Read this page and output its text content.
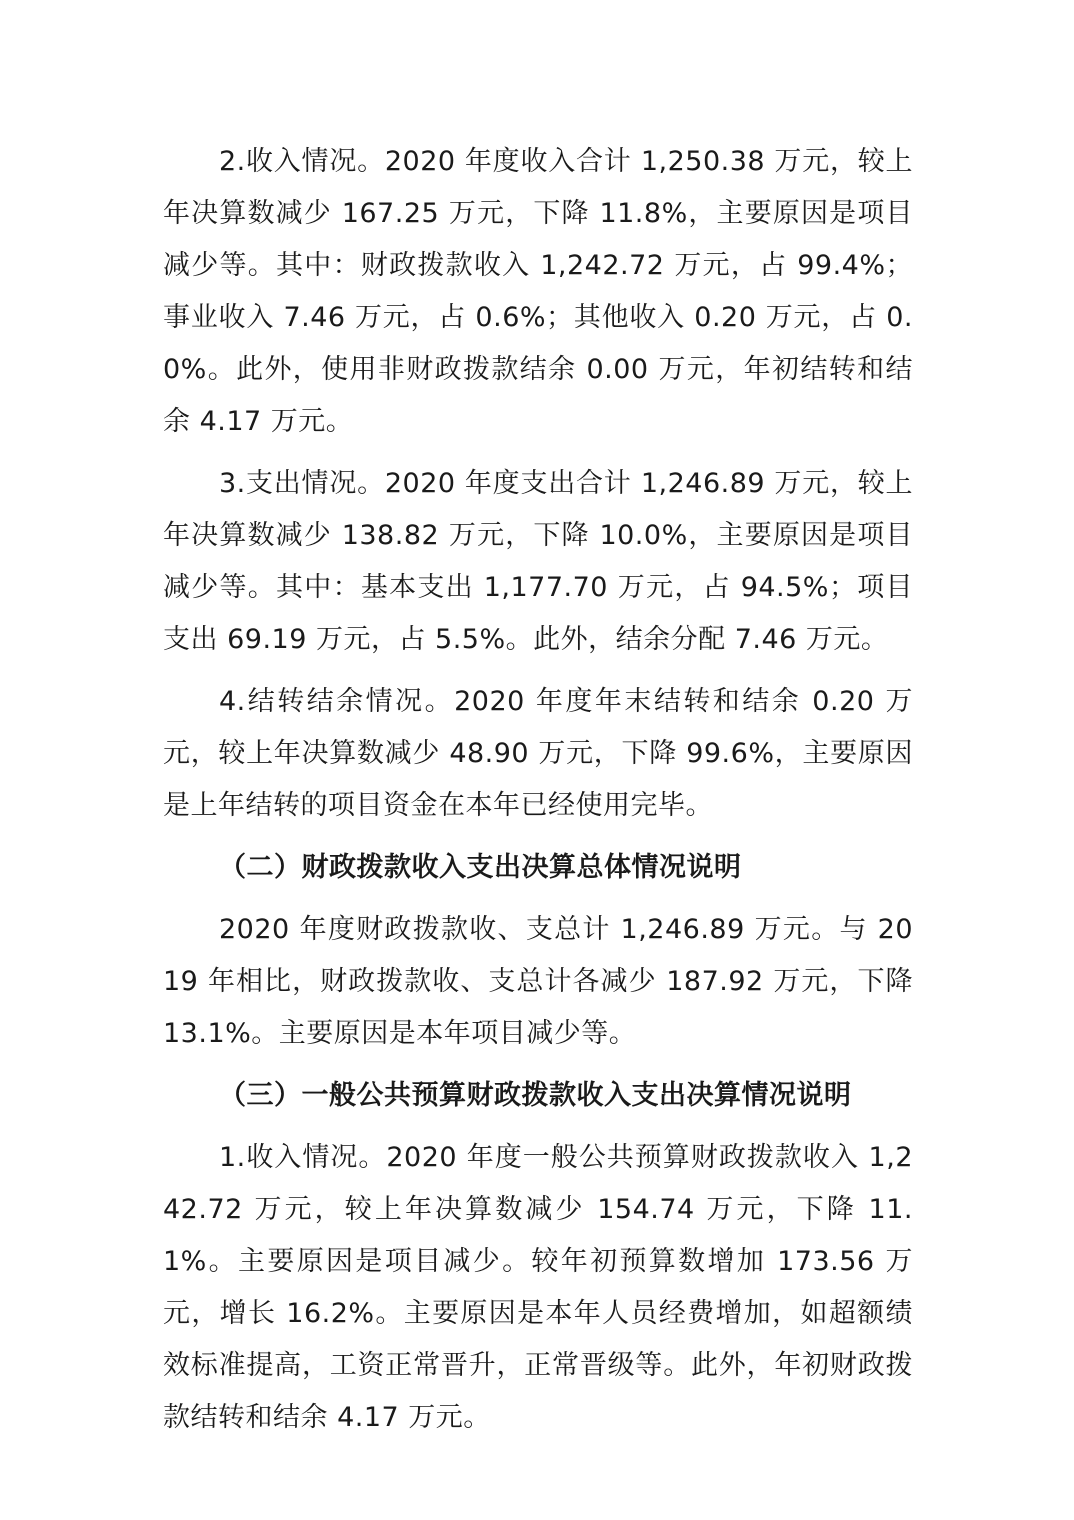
2.收入情况。2020 年度收入合计 1,250.38 万元，较上年决算数减少 167.25 万元，下降 11.8%，主要原因是项目减少等。其中：财政拨款收入 1,242.72 万元，占 99.4%；事业收入 7.46 万元，占 0.6%；其他收入 0.20 万元，占 0.0%。此外，使用非财政拨款结余 0.00 万元，年初结转和结余 4.17 万元。

3.支出情况。2020 年度支出合计 1,246.89 万元，较上年决算数减少 138.82 万元，下降 10.0%，主要原因是项目减少等。其中：基本支出 1,177.70 万元，占 94.5%；项目支出 69.19 万元，占 5.5%。此外，结余分配 7.46 万元。

4.结转结余情况。2020 年度年末结转和结余 0.20 万元，较上年决算数减少 48.90 万元，下降 99.6%，主要原因是上年结转的项目资金在本年已经使用完毕。

（二）财政拨款收入支出决算总体情况说明

2020 年度财政拨款收、支总计 1,246.89 万元。与 2019 年相比，财政拨款收、支总计各减少 187.92 万元，下降 13.1%。主要原因是本年项目减少等。

（三）一般公共预算财政拨款收入支出决算情况说明

1.收入情况。2020 年度一般公共预算财政拨款收入 1,242.72 万元，较上年决算数减少 154.74 万元，下降 11.1%。主要原因是项目减少。较年初预算数增加 173.56 万元，增长 16.2%。主要原因是本年人员经费增加，如超额绩效标准提高，工资正常晋升，正常晋级等。此外，年初财政拨款结转和结余 4.17 万元。
